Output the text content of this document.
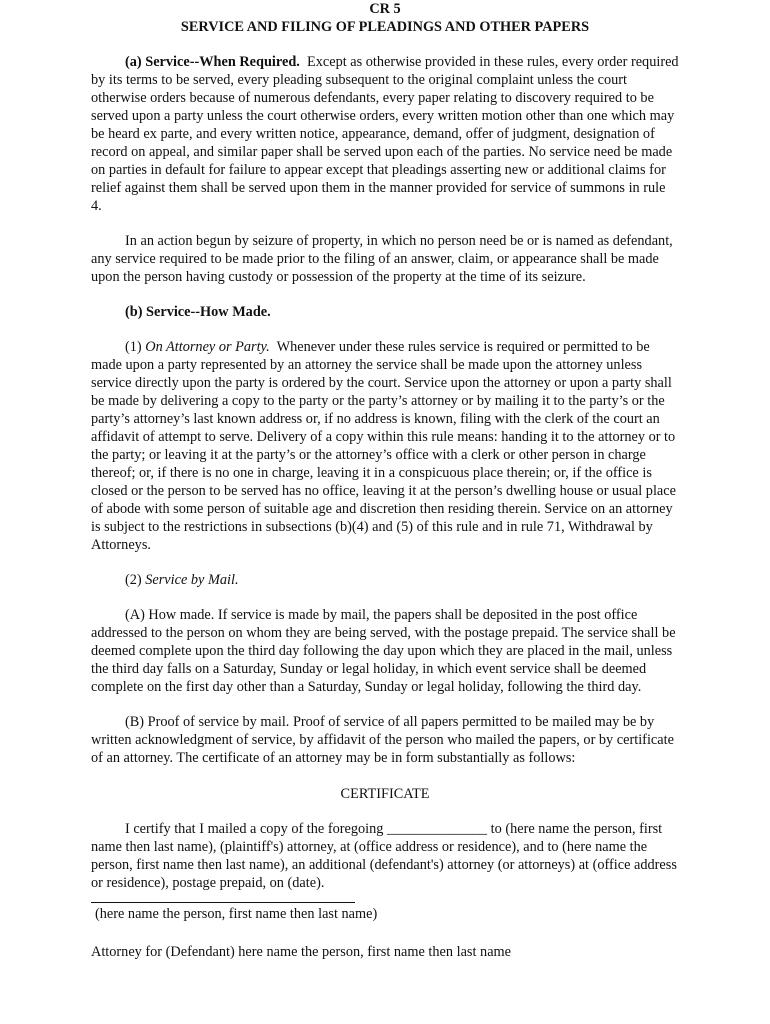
CR 5
SERVICE AND FILING OF PLEADINGS AND OTHER PAPERS

(a) Service--When Required. Except as otherwise provided in these rules, every order required by its terms to be served, every pleading subsequent to the original complaint unless the court otherwise orders because of numerous defendants, every paper relating to discovery required to be served upon a party unless the court otherwise orders, every written motion other than one which may be heard ex parte, and every written notice, appearance, demand, offer of judgment, designation of record on appeal, and similar paper shall be served upon each of the parties. No service need be made on parties in default for failure to appear except that pleadings asserting new or additional claims for relief against them shall be served upon them in the manner provided for service of summons in rule 4.

In an action begun by seizure of property, in which no person need be or is named as defendant, any service required to be made prior to the filing of an answer, claim, or appearance shall be made upon the person having custody or possession of the property at the time of its seizure.

(b) Service--How Made.

(1) On Attorney or Party. Whenever under these rules service is required or permitted to be made upon a party represented by an attorney the service shall be made upon the attorney unless service directly upon the party is ordered by the court. Service upon the attorney or upon a party shall be made by delivering a copy to the party or the party’s attorney or by mailing it to the party’s or the party’s attorney’s last known address or, if no address is known, filing with the clerk of the court an affidavit of attempt to serve. Delivery of a copy within this rule means: handing it to the attorney or to the party; or leaving it at the party’s or the attorney’s office with a clerk or other person in charge thereof; or, if there is no one in charge, leaving it in a conspicuous place therein; or, if the office is closed or the person to be served has no office, leaving it at the person’s dwelling house or usual place of abode with some person of suitable age and discretion then residing therein. Service on an attorney is subject to the restrictions in subsections (b)(4) and (5) of this rule and in rule 71, Withdrawal by Attorneys.

(2) Service by Mail.

(A) How made. If service is made by mail, the papers shall be deposited in the post office addressed to the person on whom they are being served, with the postage prepaid. The service shall be deemed complete upon the third day following the day upon which they are placed in the mail, unless the third day falls on a Saturday, Sunday or legal holiday, in which event service shall be deemed complete on the first day other than a Saturday, Sunday or legal holiday, following the third day.

(B) Proof of service by mail. Proof of service of all papers permitted to be mailed may be by written acknowledgment of service, by affidavit of the person who mailed the papers, or by certificate of an attorney. The certificate of an attorney may be in form substantially as follows:

CERTIFICATE

I certify that I mailed a copy of the foregoing ______________ to (here name the person, first name then last name), (plaintiff's) attorney, at (office address or residence), and to (here name the person, first name then last name), an additional (defendant's) attorney (or attorneys) at (office address or residence), postage prepaid, on (date).

(here name the person, first name then last name)
Attorney for (Defendant) here name the person, first name then last name
